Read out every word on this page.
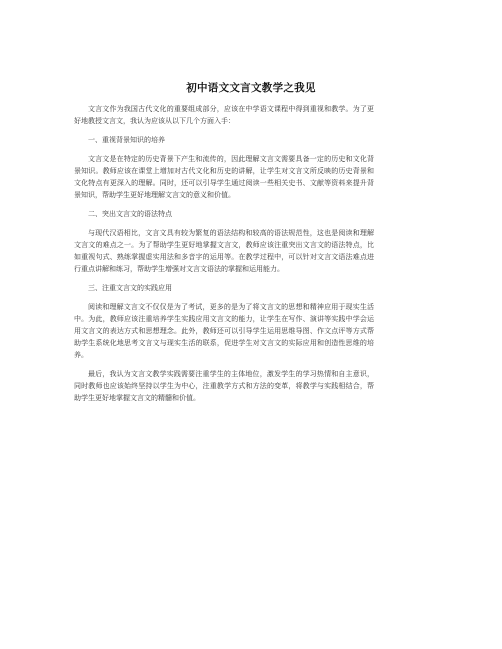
初中语文文言文教学之我见

文言文作为我国古代文化的重要组成部分，应该在中学语文课程中得到重视和教学。为了更好地教授文言文，我认为应该从以下几个方面入手：

一、重视背景知识的培养

文言文是在特定的历史背景下产生和流传的，因此理解文言文需要具备一定的历史和文化背景知识。教师应该在课堂上增加对古代文化和历史的讲解，让学生对文言文所反映的历史背景和文化特点有更深入的理解。同时，还可以引导学生通过阅读一些相关史书、文献等资料来提升背景知识，帮助学生更好地理解文言文的意义和价值。

二、突出文言文的语法特点

与现代汉语相比，文言文具有较为繁复的语法结构和较高的语法规范性，这也是阅读和理解文言文的难点之一。为了帮助学生更好地掌握文言文，教师应该注重突出文言文的语法特点，比如重视句式、熟练掌握虚实用法和多音字的运用等。在教学过程中，可以针对文言文语法难点进行重点讲解和练习，帮助学生增强对文言文语法的掌握和运用能力。

三、注重文言文的实践应用

阅读和理解文言文不仅仅是为了考试，更多的是为了将文言文的思想和精神应用于现实生活中。为此，教师应该注重培养学生实践应用文言文的能力，让学生在写作、演讲等实践中学会运用文言文的表达方式和思想理念。此外，教师还可以引导学生运用思维导图、作文点评等方式帮助学生系统化地思考文言文与现实生活的联系，促进学生对文言文的实际应用和创造性思维的培养。

最后，我认为文言文教学实践需要注重学生的主体地位，激发学生的学习热情和自主意识，同时教师也应该始终坚持以学生为中心，注重教学方式和方法的变革，将教学与实践相结合，帮助学生更好地掌握文言文的精髓和价值。
